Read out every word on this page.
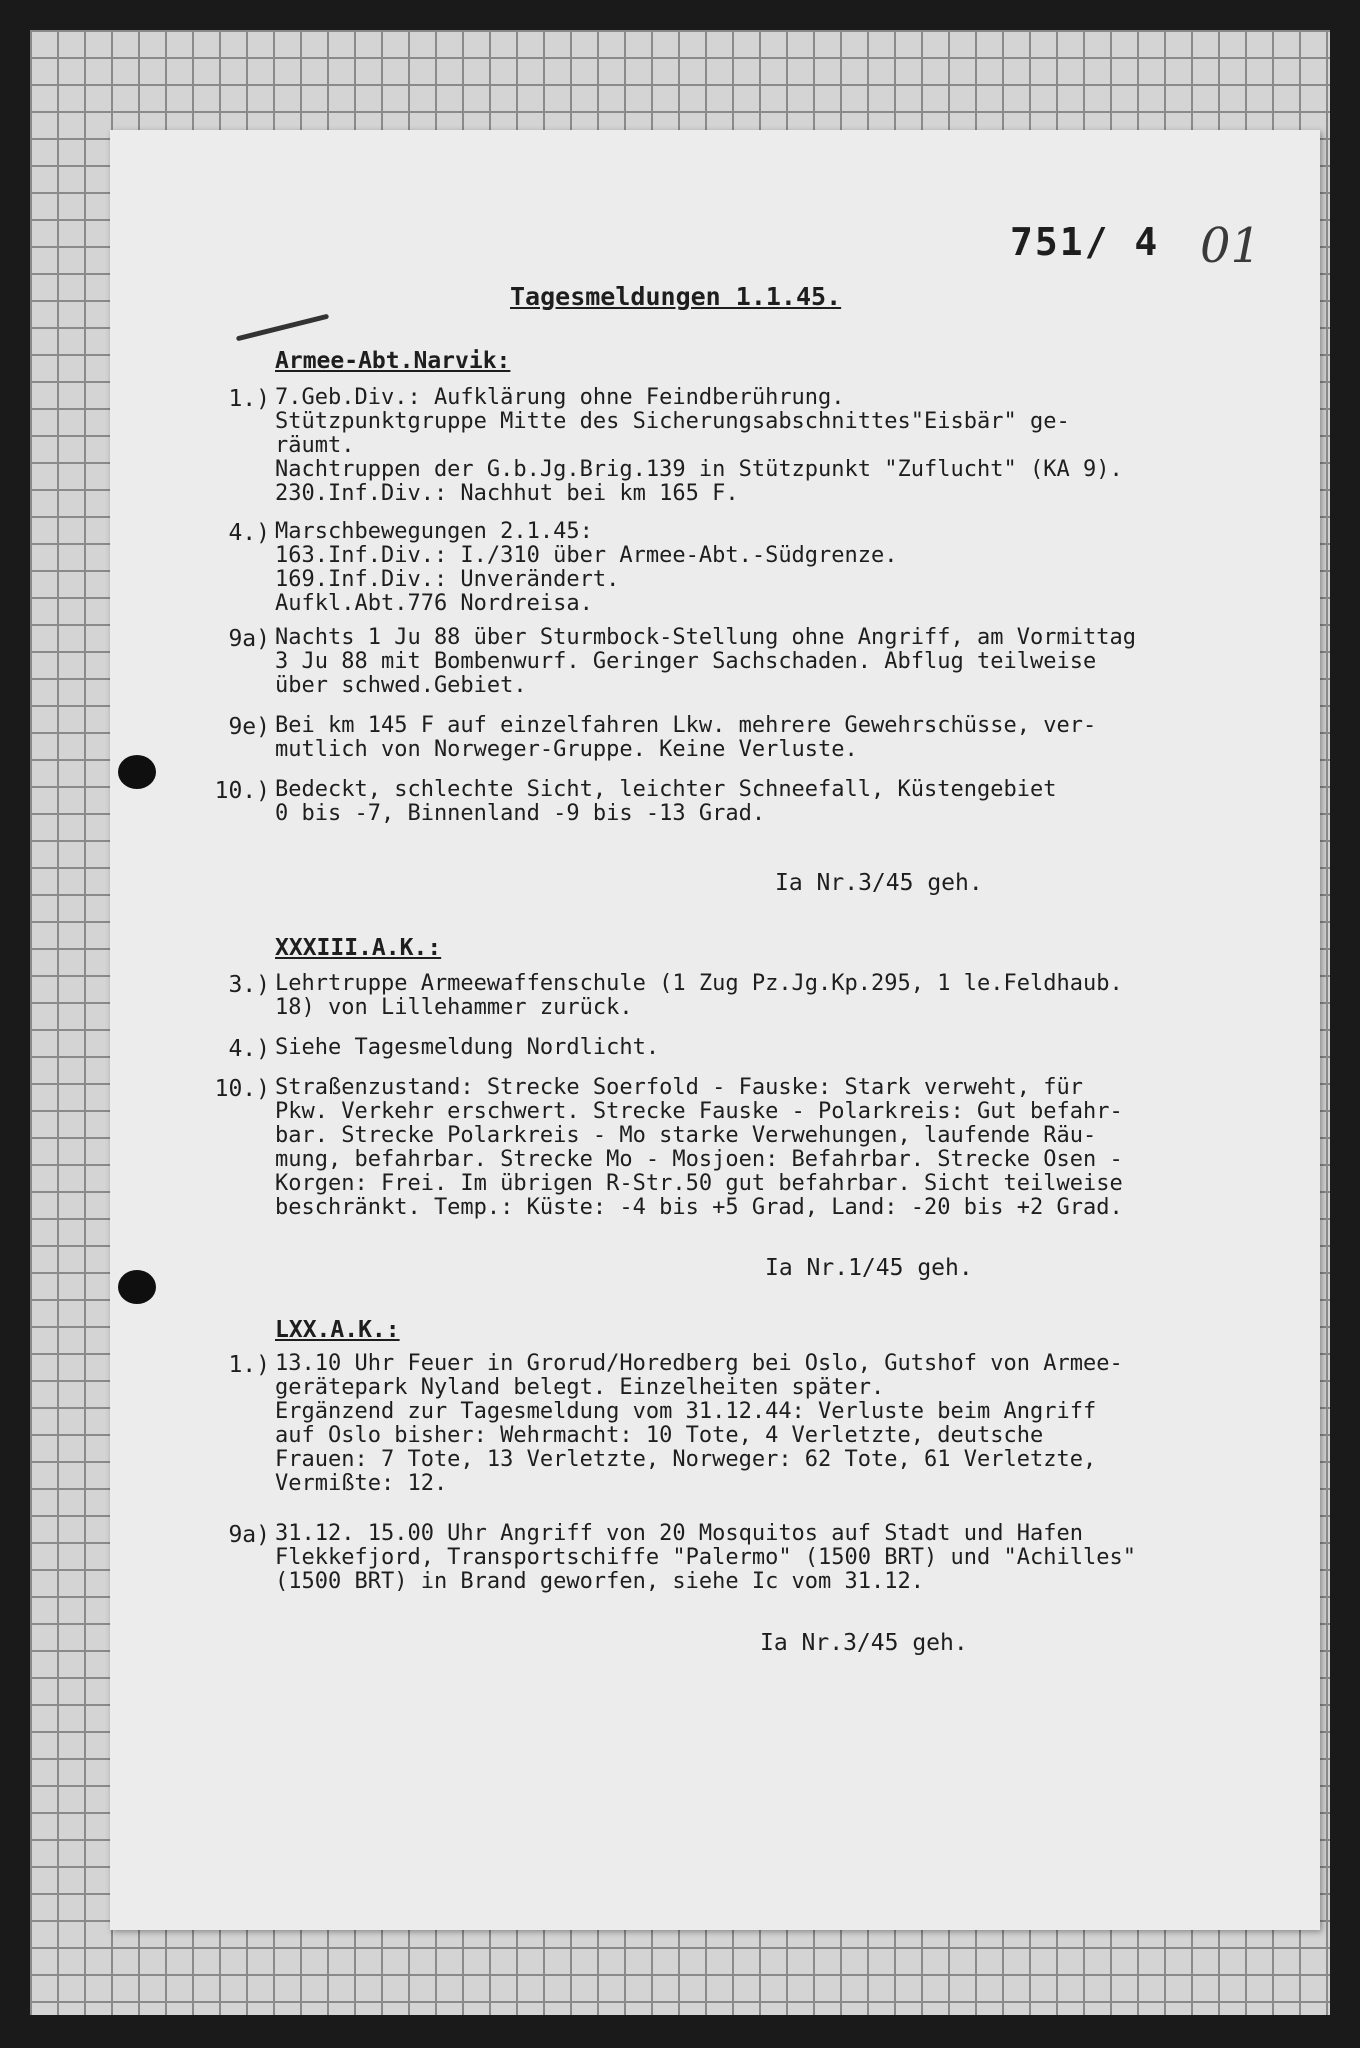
751/ 4 01
Tagesmeldungen 1.1.45.
Armee-Abt.Narvik:
1.) 7.Geb.Div.: Aufklärung ohne Feindberührung.
Stützpunktgruppe Mitte des Sicherungsabschnittes"Eisbär" ge-
räumt.
Nachtruppen der G.b.Jg.Brig.139 in Stützpunkt "Zuflucht" (KA 9).
230.Inf.Div.: Nachhut bei km 165 F.
4.) Marschbewegungen 2.1.45:
163.Inf.Div.: I./310 über Armee-Abt.-Südgrenze.
169.Inf.Div.: Unverändert.
Aufkl.Abt.776 Nordreisa.
9a) Nachts 1 Ju 88 über Sturmbock-Stellung ohne Angriff, am Vormittag
3 Ju 88 mit Bombenwurf. Geringer Sachschaden. Abflug teilweise
über schwed.Gebiet.
9e) Bei km 145 F auf einzelfahren Lkw. mehrere Gewehrschüsse, ver-
mutlich von Norweger-Gruppe. Keine Verluste.
10.) Bedeckt, schlechte Sicht, leichter Schneefall, Küstengebiet
0 bis -7, Binnenland -9 bis -13 Grad.
Ia Nr.3/45 geh.
XXXIII.A.K.:
3.) Lehrtruppe Armeewaffenschule (1 Zug Pz.Jg.Kp.295, 1 le.Feldhaub.
18) von Lillehammer zurück.
4.) Siehe Tagesmeldung Nordlicht.
10.) Straßenzustand: Strecke Soerfold - Fauske: Stark verweht, für
Pkw. Verkehr erschwert. Strecke Fauske - Polarkreis: Gut befahr-
bar. Strecke Polarkreis - Mo starke Verwehungen, laufende Räu-
mung, befahrbar. Strecke Mo - Mosjoen: Befahrbar. Strecke Osen -
Korgen: Frei. Im übrigen R-Str.50 gut befahrbar. Sicht teilweise
beschränkt. Temp.: Küste: -4 bis +5 Grad, Land: -20 bis +2 Grad.
Ia Nr.1/45 geh.
LXX.A.K.:
1.) 13.10 Uhr Feuer in Grorud/Horedberg bei Oslo, Gutshof von Armee-
gerätepark Nyland belegt. Einzelheiten später.
Ergänzend zur Tagesmeldung vom 31.12.44: Verluste beim Angriff
auf Oslo bisher: Wehrmacht: 10 Tote, 4 Verletzte, deutsche
Frauen: 7 Tote, 13 Verletzte, Norweger: 62 Tote, 61 Verletzte,
Vermißte: 12.
9a) 31.12. 15.00 Uhr Angriff von 20 Mosquitos auf Stadt und Hafen
Flekkefjord, Transportschiffe "Palermo" (1500 BRT) und "Achilles"
(1500 BRT) in Brand geworfen, siehe Ic vom 31.12.
Ia Nr.3/45 geh.
